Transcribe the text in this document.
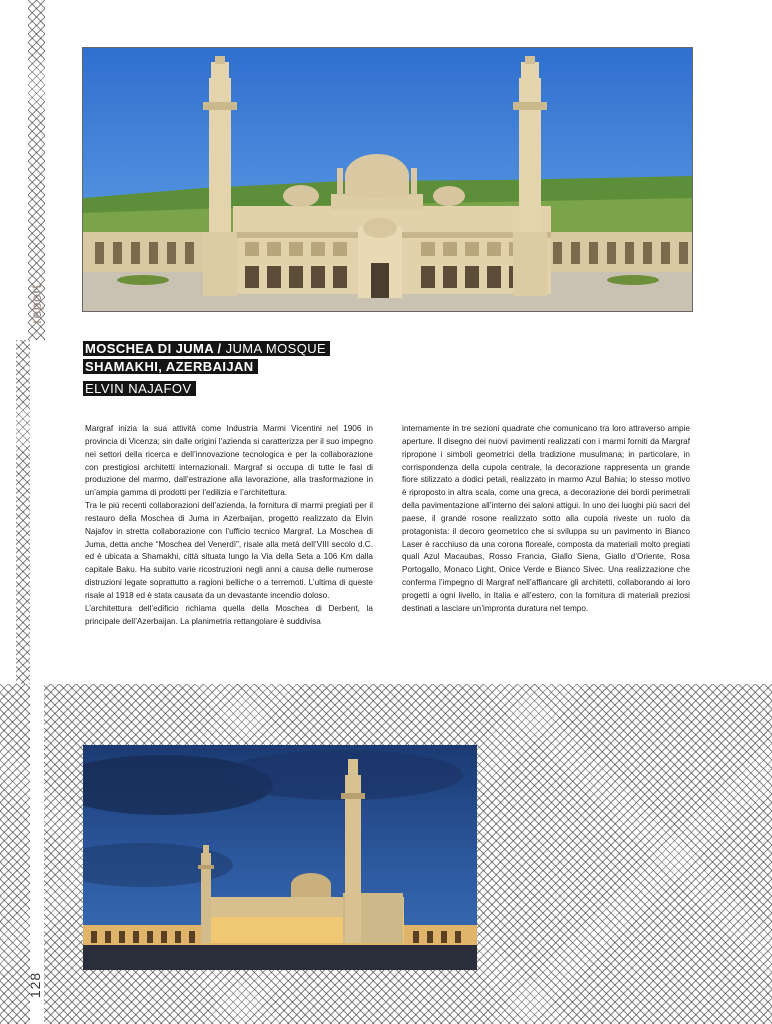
report
128
MOSCHEA DI JUMA / JUMA MOSQUE
SHAMAKHI, AZERBAIJAN
ELVIN NAJAFOV

Margraf inizia la sua attività come Industria Marmi Vicentini nel 1906 in provincia di Vicenza; sin dalle origini l’azienda si caratterizza per il suo impegno nei settori della ricerca e dell’innovazione tecnologica e per la collaborazione con prestigiosi architetti internazionali. Margraf si occupa di tutte le fasi di produzione del marmo, dall’estrazione alla lavorazione, alla trasformazione in un’ampia gamma di prodotti per l’edilizia e l’architettura.
Tra le più recenti collaborazioni dell’azienda, la fornitura di marmi pregiati per il restauro della Moschea di Juma in Azerbaijan, progetto realizzato da Elvin Najafov in stretta collaborazione con l’ufficio tecnico Margraf. La Moschea di Juma, detta anche “Moschea del Venerdì”, risale alla metà dell’VIII secolo d.C. ed è ubicata a Shamakhi, città situata lungo la Via della Seta a 106 Km dalla capitale Baku. Ha subito varie ricostruzioni negli anni a causa delle numerose distruzioni legate soprattutto a ragioni belliche o a terremoti. L’ultima di queste risale al 1918 ed è stata causata da un devastante incendio doloso.
L’architettura dell’edificio richiama quella della Moschea di Derbent, la principale dell’Azerbaijan. La planimetria rettangolare è suddivisa

internamente in tre sezioni quadrate che comunicano tra loro attraverso ampie aperture. Il disegno dei nuovi pavimenti realizzati con i marmi forniti da Margraf ripropone i simboli geometrici della tradizione musulmana; in particolare, in corrispondenza della cupola centrale, la decorazione rappresenta un grande fiore stilizzato a dodici petali, realizzato in marmo Azul Bahia; lo stesso motivo è riproposto in altra scala, come una greca, a decorazione dei bordi perimetrali della pavimentazione all’interno dei saloni attigui. In uno dei luoghi più sacri del paese, il grande rosone realizzato sotto alla cupola riveste un ruolo da protagonista: il decoro geometrico che si sviluppa su un pavimento in Bianco Laser è racchiuso da una corona floreale, composta da materiali molto pregiati quali Azul Macaubas, Rosso Francia, Giallo Siena, Giallo d’Oriente, Rosa Portogallo, Monaco Light, Onice Verde e Bianco Sivec. Una realizzazione che conferma l’impegno di Margraf nell’affiancare gli architetti, collaborando ai loro progetti a ogni livello, in Italia e all’estero, con la fornitura di materiali preziosi destinati a lasciare un’impronta duratura nel tempo.
